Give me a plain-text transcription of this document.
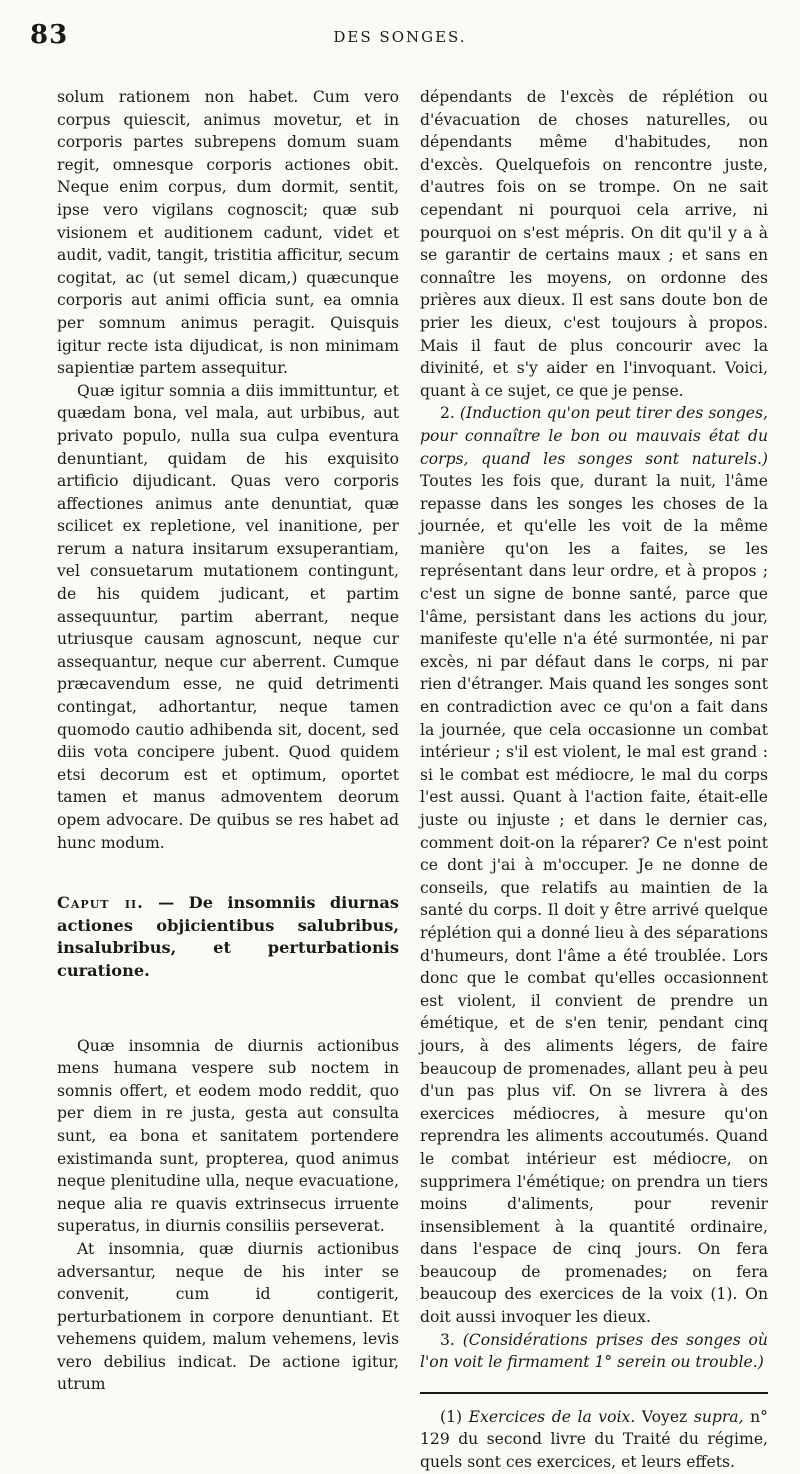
83	DES SONGES.

solum rationem non habet. Cum vero corpus quiescit, animus movetur, et in corporis partes subrepens domum suam regit, omnesque corporis actiones obit. Neque enim corpus, dum dormit, sentit, ipse vero vigilans cognoscit; quæ sub visionem et auditionem cadunt, videt et audit, vadit, tangit, tristitia afficitur, secum cogitat, ac (ut semel dicam,) quæcunque corporis aut animi officia sunt, ea omnia per somnum animus peragit. Quisquis igitur recte ista dijudicat, is non minimam sapientiæ partem assequitur.

Quæ igitur somnia a diis immittuntur, et quædam bona, vel mala, aut urbibus, aut privato populo, nulla sua culpa eventura denuntiant, quidam de his exquisito artificio dijudicant. Quas vero corporis affectiones animus ante denuntiat, quæ scilicet ex repletione, vel inanitione, per rerum a natura insitarum exsuperantiam, vel consuetarum mutationem contingunt, de his quidem judicant, et partim assequuntur, partim aberrant, neque utriusque causam agnoscunt, neque cur assequantur, neque cur aberrent. Cumque præcavendum esse, ne quid detrimenti contingat, adhortantur, neque tamen quomodo cautio adhibenda sit, docent, sed diis vota concipere jubent. Quod quidem etsi decorum est et optimum, oportet tamen et manus admoventem deorum opem advocare. De quibus se res habet ad hunc modum.

Caput ii. — De insomniis diurnas actiones objicientibus salubribus, insalubribus, et perturbationis curatione.

Quæ insomnia de diurnis actionibus mens humana vespere sub noctem in somnis offert, et eodem modo reddit, quo per diem in re justa, gesta aut consulta sunt, ea bona et sanitatem portendere existimanda sunt, propterea, quod animus neque plenitudine ulla, neque evacuatione, neque alia re quavis extrinsecus irruente superatus, in diurnis consiliis perseverat.

At insomnia, quæ diurnis actionibus adversantur, neque de his inter se convenit, cum id contigerit, perturbationem in corpore denuntiant. Et vehemens quidem, malum vehemens, levis vero debilius indicat. De actione igitur, utrum

dépendants de l'excès de réplétion ou d'évacuation de choses naturelles, ou dépendants même d'habitudes, non d'excès. Quelquefois on rencontre juste, d'autres fois on se trompe. On ne sait cependant ni pourquoi cela arrive, ni pourquoi on s'est mépris. On dit qu'il y a à se garantir de certains maux ; et sans en connaître les moyens, on ordonne des prières aux dieux. Il est sans doute bon de prier les dieux, c'est toujours à propos. Mais il faut de plus concourir avec la divinité, et s'y aider en l'invoquant. Voici, quant à ce sujet, ce que je pense.

2. (Induction qu'on peut tirer des songes, pour connaître le bon ou mauvais état du corps, quand les songes sont naturels.) Toutes les fois que, durant la nuit, l'âme repasse dans les songes les choses de la journée, et qu'elle les voit de la même manière qu'on les a faites, se les représentant dans leur ordre, et à propos ; c'est un signe de bonne santé, parce que l'âme, persistant dans les actions du jour, manifeste qu'elle n'a été surmontée, ni par excès, ni par défaut dans le corps, ni par rien d'étranger. Mais quand les songes sont en contradiction avec ce qu'on a fait dans la journée, que cela occasionne un combat intérieur ; s'il est violent, le mal est grand : si le combat est médiocre, le mal du corps l'est aussi. Quant à l'action faite, était-elle juste ou injuste ; et dans le dernier cas, comment doit-on la réparer? Ce n'est point ce dont j'ai à m'occuper. Je ne donne de conseils, que relatifs au maintien de la santé du corps. Il doit y être arrivé quelque réplétion qui a donné lieu à des séparations d'humeurs, dont l'âme a été troublée. Lors donc que le combat qu'elles occasionnent est violent, il convient de prendre un émétique, et de s'en tenir, pendant cinq jours, à des aliments légers, de faire beaucoup de promenades, allant peu à peu d'un pas plus vif. On se livrera à des exercices médiocres, à mesure qu'on reprendra les aliments accoutumés. Quand le combat intérieur est médiocre, on supprimera l'émétique; on prendra un tiers moins d'aliments, pour revenir insensiblement à la quantité ordinaire, dans l'espace de cinq jours. On fera beaucoup de promenades; on fera beaucoup des exercices de la voix (1). On doit aussi invoquer les dieux.

3. (Considérations prises des songes où l'on voit le firmament 1° serein ou trouble.)

(1) Exercices de la voix. Voyez supra, n° 129 du second livre du Traité du régime, quels sont ces exercices, et leurs effets.
